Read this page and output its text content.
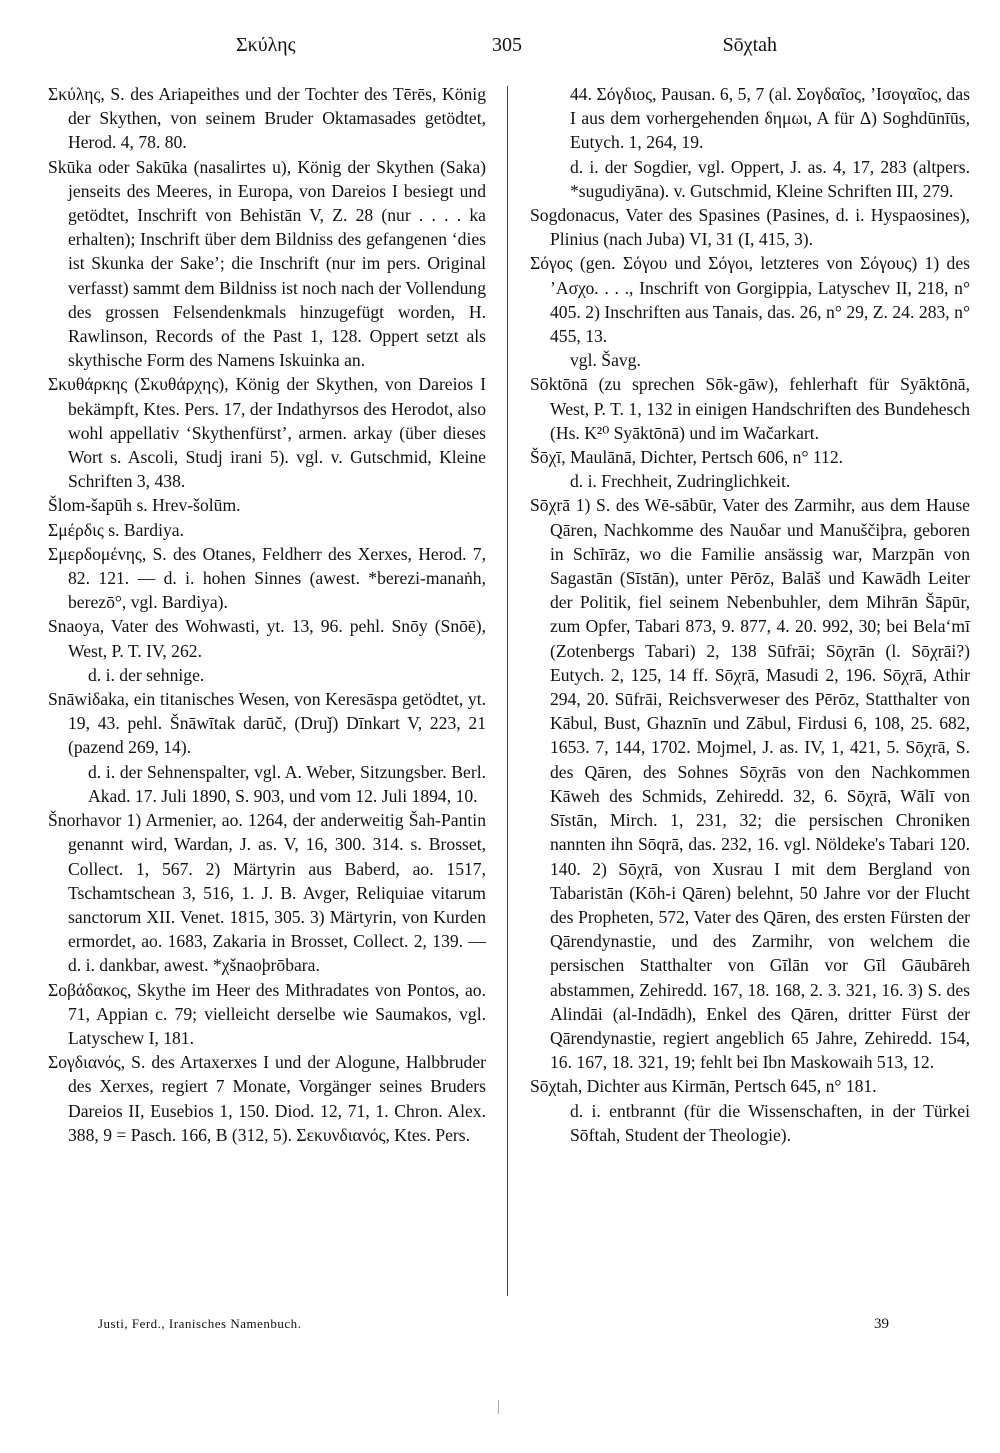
Σκύλης	305	Sōχtah

Σκύλης, S. des Ariapeithes und der Tochter des Tērēs, König der Skythen, von seinem Bruder Oktamasades getödtet, Herod. 4, 78. 80.

Skūka oder Sakūka (nasalirtes u), König der Skythen (Saka) jenseits des Meeres, in Europa, von Dareios I besiegt und getödtet, Inschrift von Behistān V, Z. 28 (nur . . . . ka erhalten); Inschrift über dem Bildniss des gefangenen ʻdies ist Skunka der Sakeʼ; die Inschrift (nur im pers. Original verfasst) sammt dem Bildniss ist noch nach der Vollendung des grossen Felsendenkmals hinzugefügt worden, H. Rawlinson, Records of the Past 1, 128. Oppert setzt als skythische Form des Namens Iskuinka an.

Σκυθάρκης (Σκυθάρχης), König der Skythen, von Dareios I bekämpft, Ktes. Pers. 17, der Indathyrsos des Herodot, also wohl appellativ ʻSkythenfürstʼ, armen. arkay (über dieses Wort s. Ascoli, Studj irani 5). vgl. v. Gutschmid, Kleine Schriften 3, 438.

Šlom-šapūh s. Hrev-šolūm.

Σμέρδις s. Bardiya.

Σμερδομένης, S. des Otanes, Feldherr des Xerxes, Herod. 7, 82. 121. — d. i. hohen Sinnes (awest. *berezi-manaṅh, berezō°, vgl. Bardiya).

Snaoya, Vater des Wohwasti, yt. 13, 96. pehl. Snōy (Snōē), West, P. T. IV, 262.

d. i. der sehnige.

Snāwiδaka, ein titanisches Wesen, von Keresāspa getödtet, yt. 19, 43. pehl. Šnāwītak darūč, (Druǰ) Dīnkart V, 223, 21 (pazend 269, 14).

d. i. der Sehnenspalter, vgl. A. Weber, Sitzungsber. Berl. Akad. 17. Juli 1890, S. 903, und vom 12. Juli 1894, 10.

Šnorhavor 1) Armenier, ao. 1264, der anderweitig Šah-Pantin genannt wird, Wardan, J. as. V, 16, 300. 314. s. Brosset, Collect. 1, 567. 2) Märtyrin aus Baberd, ao. 1517, Tschamtschean 3, 516, 1. J. B. Avger, Reliquiae vitarum sanctorum XII. Venet. 1815, 305. 3) Märtyrin, von Kurden ermordet, ao. 1683, Zakaria in Brosset, Collect. 2, 139. — d. i. dankbar, awest. *χšnaoþrōbara.

Σοβάδακος, Skythe im Heer des Mithradates von Pontos, ao. 71, Appian c. 79; vielleicht derselbe wie Saumakos, vgl. Latyschew I, 181.

Σογδιανός, S. des Artaxerxes I und der Alogune, Halbbruder des Xerxes, regiert 7 Monate, Vorgänger seines Bruders Dareios II, Eusebios 1, 150. Diod. 12, 71, 1. Chron. Alex. 388, 9 = Pasch. 166, B (312, 5). Σεκυνδιανός, Ktes. Pers.

44. Σόγδιος, Pausan. 6, 5, 7 (al. Σογδαῖος, ʼΙσογαῖος, das Ι aus dem vorhergehenden δημωι, Α für Δ) Soghdūnīūs, Eutych. 1, 264, 19.

d. i. der Sogdier, vgl. Oppert, J. as. 4, 17, 283 (altpers. *sugudiyāna). v. Gutschmid, Kleine Schriften III, 279.

Sogdonacus, Vater des Spasines (Pasines, d. i. Hyspaosines), Plinius (nach Juba) VI, 31 (I, 415, 3).

Σόγος (gen. Σόγου und Σόγοι, letzteres von Σόγους) 1) des ʼΑσχο. . . ., Inschrift von Gorgippia, Latyschev II, 218, n° 405. 2) Inschriften aus Tanais, das. 26, n° 29, Z. 24. 283, n° 455, 13.

vgl. Šavg.

Sōktōnā (zu sprechen Sōk-gāw), fehlerhaft für Syāktōnā, West, P. T. 1, 132 in einigen Handschriften des Bundehesch (Hs. K²⁰ Syāktōnā) und im Wačarkart.

Šōχī, Maulānā, Dichter, Pertsch 606, n° 112.

d. i. Frechheit, Zudringlichkeit.

Sōχrā 1) S. des Wē-sābūr, Vater des Zarmihr, aus dem Hause Qāren, Nachkomme des Nauδar und Manuščiþra, geboren in Schīrāz, wo die Familie ansässig war, Marzpān von Sagastān (Sīstān), unter Pērōz, Balāš und Kawādh Leiter der Politik, fiel seinem Nebenbuhler, dem Mihrān Šāpūr, zum Opfer, Tabari 873, 9. 877, 4. 20. 992, 30; bei Belaʻmī (Zotenbergs Tabari) 2, 138 Sūfrāi; Sōχrān (l. Sōχrāi?) Eutych. 2, 125, 14 ff. Sōχrā, Masudi 2, 196. Sōχrā, Athir 294, 20. Sūfrāi, Reichsverweser des Pērōz, Statthalter von Kābul, Bust, Ghaznīn und Zābul, Firdusi 6, 108, 25. 682, 1653. 7, 144, 1702. Mojmel, J. as. IV, 1, 421, 5. Sōχrā, S. des Qāren, des Sohnes Sōχrās von den Nachkommen Kāweh des Schmids, Zehiredd. 32, 6. Sōχrā, Wālī von Sīstān, Mirch. 1, 231, 32; die persischen Chroniken nannten ihn Sōqrā, das. 232, 16. vgl. Nöldeke's Tabari 120. 140. 2) Sōχrā, von Xusrau I mit dem Bergland von Tabaristān (Kōh-i Qāren) belehnt, 50 Jahre vor der Flucht des Propheten, 572, Vater des Qāren, des ersten Fürsten der Qārendynastie, und des Zarmihr, von welchem die persischen Statthalter von Gīlān vor Gīl Gāubāreh abstammen, Zehiredd. 167, 18. 168, 2. 3. 321, 16. 3) S. des Alindāi (al-Indādh), Enkel des Qāren, dritter Fürst der Qārendynastie, regiert angeblich 65 Jahre, Zehiredd. 154, 16. 167, 18. 321, 19; fehlt bei Ibn Maskowaih 513, 12.

Sōχtah, Dichter aus Kirmān, Pertsch 645, n° 181.

d. i. entbrannt (für die Wissenschaften, in der Türkei Sōftah, Student der Theologie).

Justi, Ferd., Iranisches Namenbuch.	39
